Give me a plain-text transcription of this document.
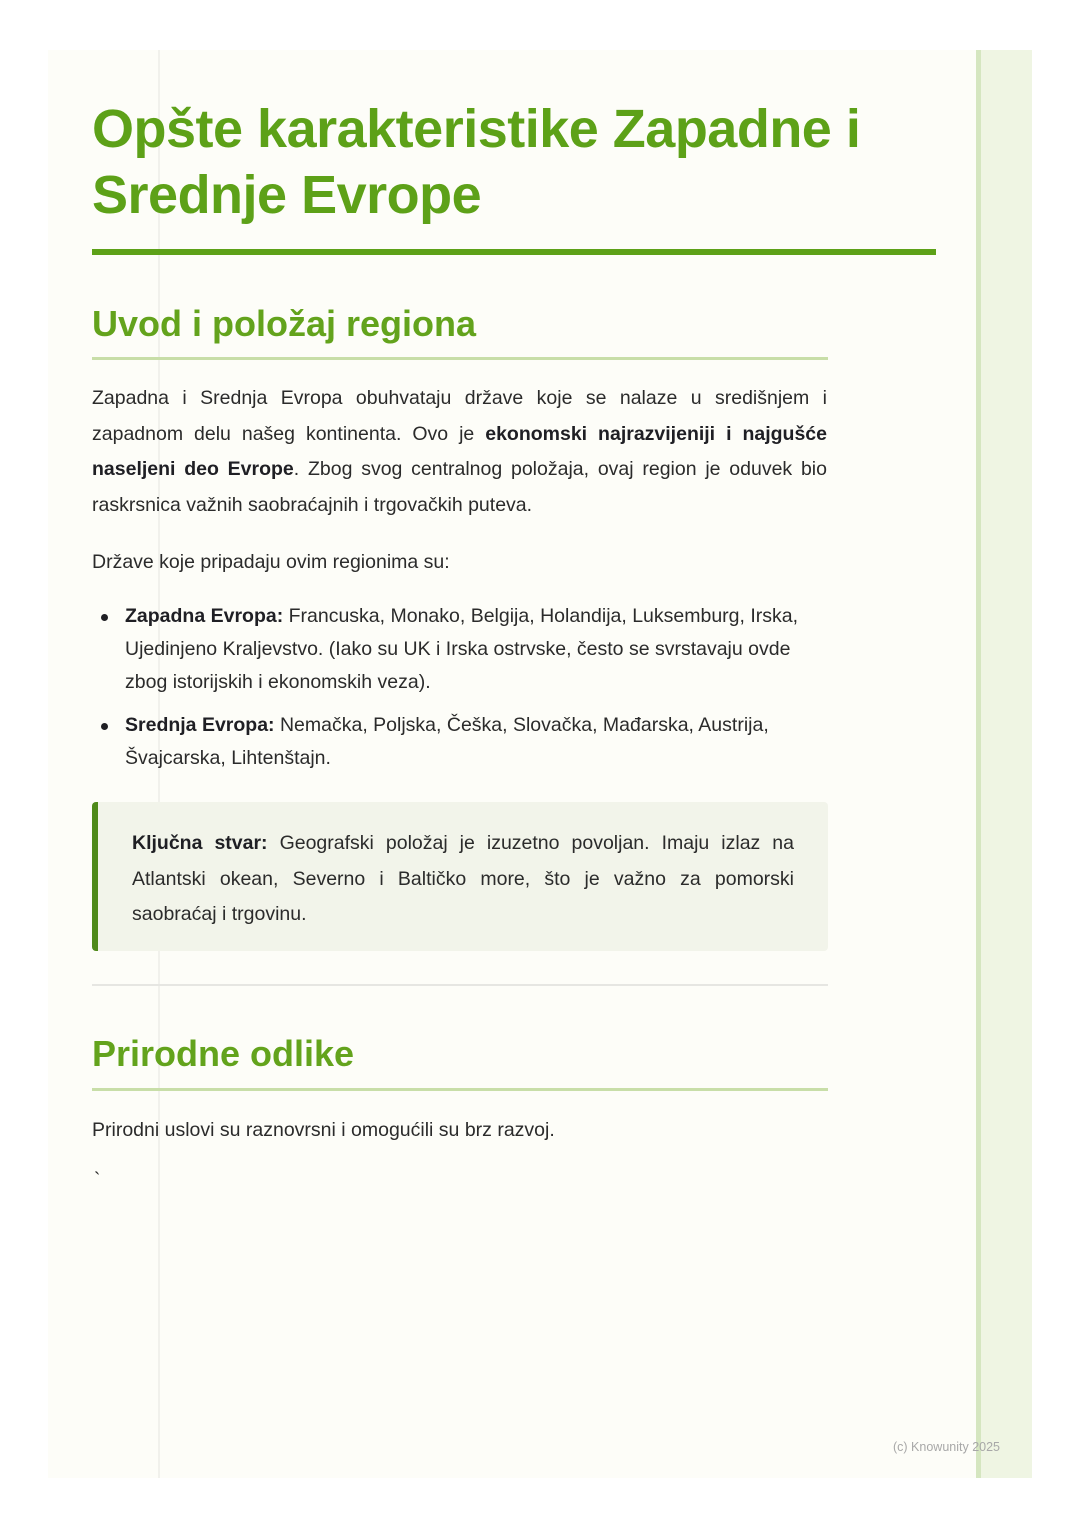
Opšte karakteristike Zapadne i Srednje Evrope
Uvod i položaj regiona

Zapadna i Srednja Evropa obuhvataju države koje se nalaze u središnjem i zapadnom delu našeg kontinenta. Ovo je ekonomski najrazvijeniji i najgušće naseljeni deo Evrope. Zbog svog centralnog položaja, ovaj region je oduvek bio raskrsnica važnih saobraćajnih i trgovačkih puteva.

Države koje pripadaju ovim regionima su:

Zapadna Evropa: Francuska, Monako, Belgija, Holandija, Luksemburg, Irska, Ujedinjeno Kraljevstvo. (Iako su UK i Irska ostrvske, često se svrstavaju ovde zbog istorijskih i ekonomskih veza).
Srednja Evropa: Nemačka, Poljska, Češka, Slovačka, Mađarska, Austrija, Švajcarska, Lihtenštajn.

Ključna stvar: Geografski položaj je izuzetno povoljan. Imaju izlaz na Atlantski okean, Severno i Baltičko more, što je važno za pomorski saobraćaj i trgovinu.

Prirodne odlike

Prirodni uslovi su raznovrsni i omogućili su brz razvoj.

`
(c) Knowunity 2025
